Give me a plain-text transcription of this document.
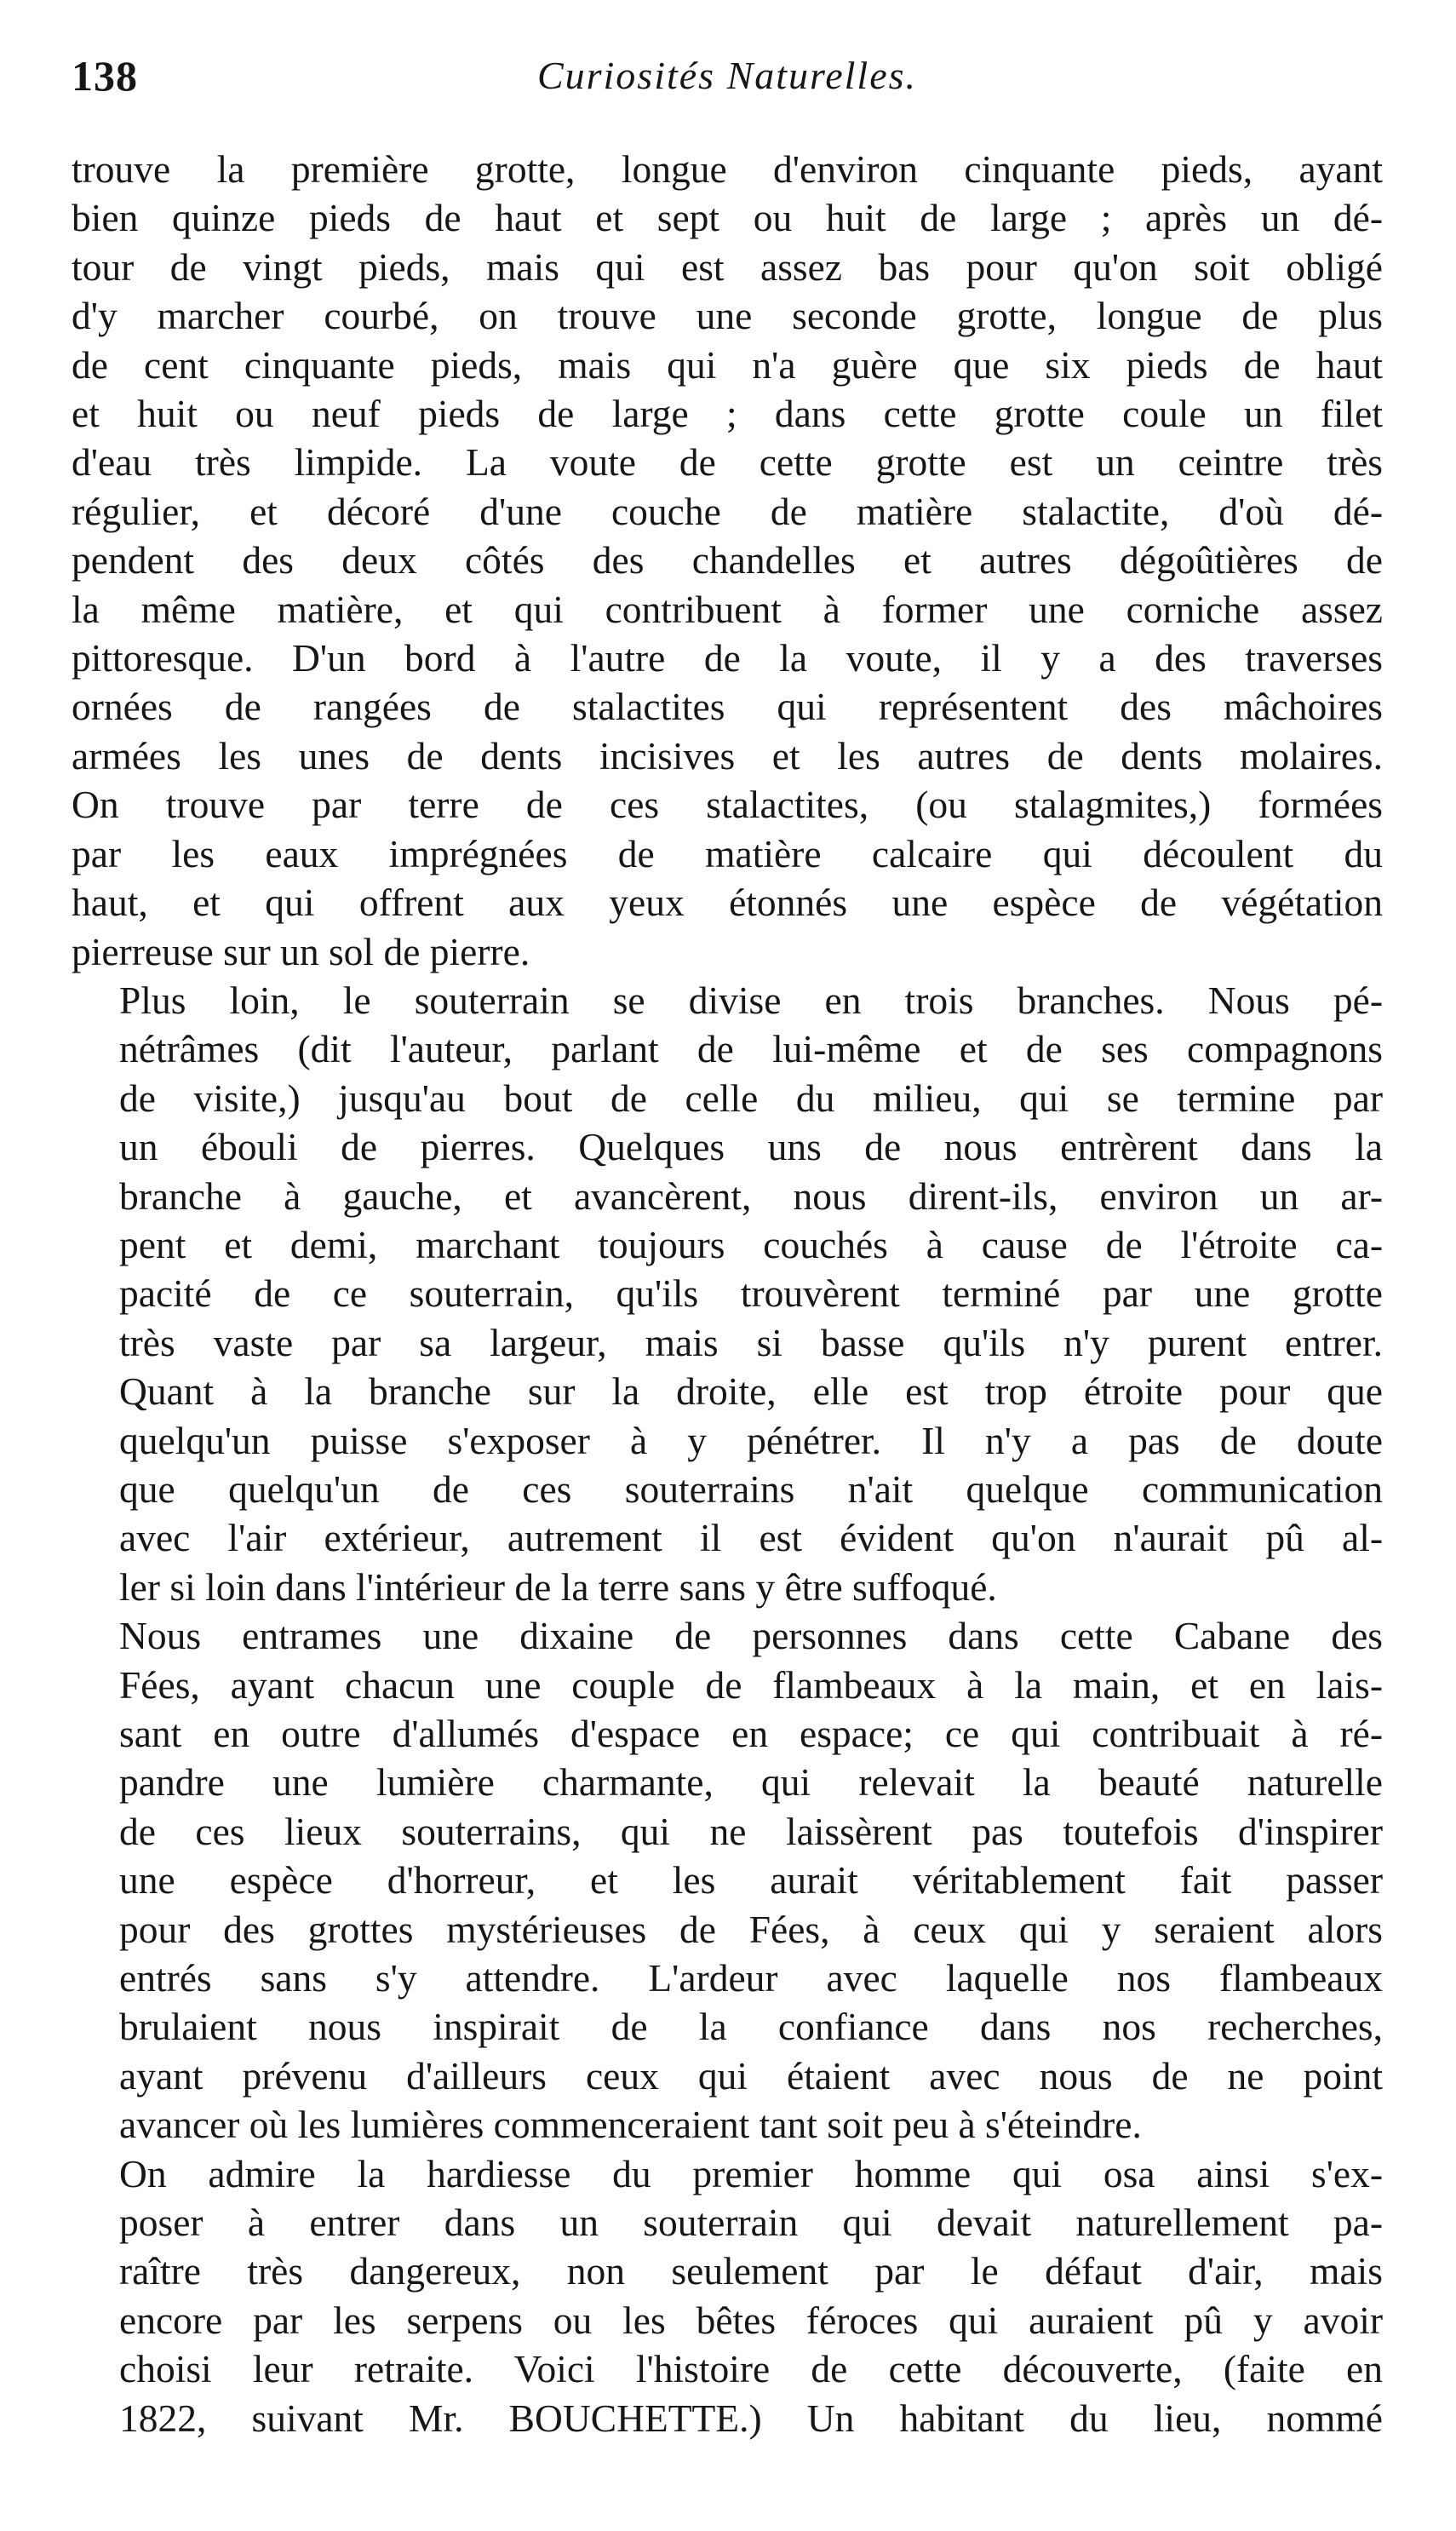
138	Curiosités Naturelles.

trouve la première grotte, longue d'environ cinquante pieds, ayant
bien quinze pieds de haut et sept ou huit de large ; après un dé-
tour de vingt pieds, mais qui est assez bas pour qu'on soit obligé
d'y marcher courbé, on trouve une seconde grotte, longue de plus
de cent cinquante pieds, mais qui n'a guère que six pieds de haut
et huit ou neuf pieds de large ; dans cette grotte coule un filet
d'eau très limpide. La voute de cette grotte est un ceintre très
régulier, et décoré d'une couche de matière stalactite, d'où dé-
pendent des deux côtés des chandelles et autres dégoûtières de
la même matière, et qui contribuent à former une corniche assez
pittoresque. D'un bord à l'autre de la voute, il y a des traverses
ornées de rangées de stalactites qui représentent des mâchoires
armées les unes de dents incisives et les autres de dents molaires.
On trouve par terre de ces stalactites, (ou stalagmites,) formées
par les eaux imprégnées de matière calcaire qui découlent du
haut, et qui offrent aux yeux étonnés une espèce de végétation
pierreuse sur un sol de pierre.

Plus loin, le souterrain se divise en trois branches. Nous pé-
nétrâmes (dit l'auteur, parlant de lui-même et de ses compagnons
de visite,) jusqu'au bout de celle du milieu, qui se termine par
un ébouli de pierres. Quelques uns de nous entrèrent dans la
branche à gauche, et avancèrent, nous dirent-ils, environ un ar-
pent et demi, marchant toujours couchés à cause de l'étroite ca-
pacité de ce souterrain, qu'ils trouvèrent terminé par une grotte
très vaste par sa largeur, mais si basse qu'ils n'y purent entrer.
Quant à la branche sur la droite, elle est trop étroite pour que
quelqu'un puisse s'exposer à y pénétrer. Il n'y a pas de doute
que quelqu'un de ces souterrains n'ait quelque communication
avec l'air extérieur, autrement il est évident qu'on n'aurait pû al-
ler si loin dans l'intérieur de la terre sans y être suffoqué.

Nous entrames une dixaine de personnes dans cette Cabane des
Fées, ayant chacun une couple de flambeaux à la main, et en lais-
sant en outre d'allumés d'espace en espace; ce qui contribuait à ré-
pandre une lumière charmante, qui relevait la beauté naturelle
de ces lieux souterrains, qui ne laissèrent pas toutefois d'inspirer
une espèce d'horreur, et les aurait véritablement fait passer
pour des grottes mystérieuses de Fées, à ceux qui y seraient alors
entrés sans s'y attendre. L'ardeur avec laquelle nos flambeaux
brulaient nous inspirait de la confiance dans nos recherches,
ayant prévenu d'ailleurs ceux qui étaient avec nous de ne point
avancer où les lumières commenceraient tant soit peu à s'éteindre.

On admire la hardiesse du premier homme qui osa ainsi s'ex-
poser à entrer dans un souterrain qui devait naturellement pa-
raître très dangereux, non seulement par le défaut d'air, mais
encore par les serpens ou les bêtes féroces qui auraient pû y avoir
choisi leur retraite. Voici l'histoire de cette découverte, (faite en
1822, suivant Mr. BOUCHETTE.) Un habitant du lieu, nommé
